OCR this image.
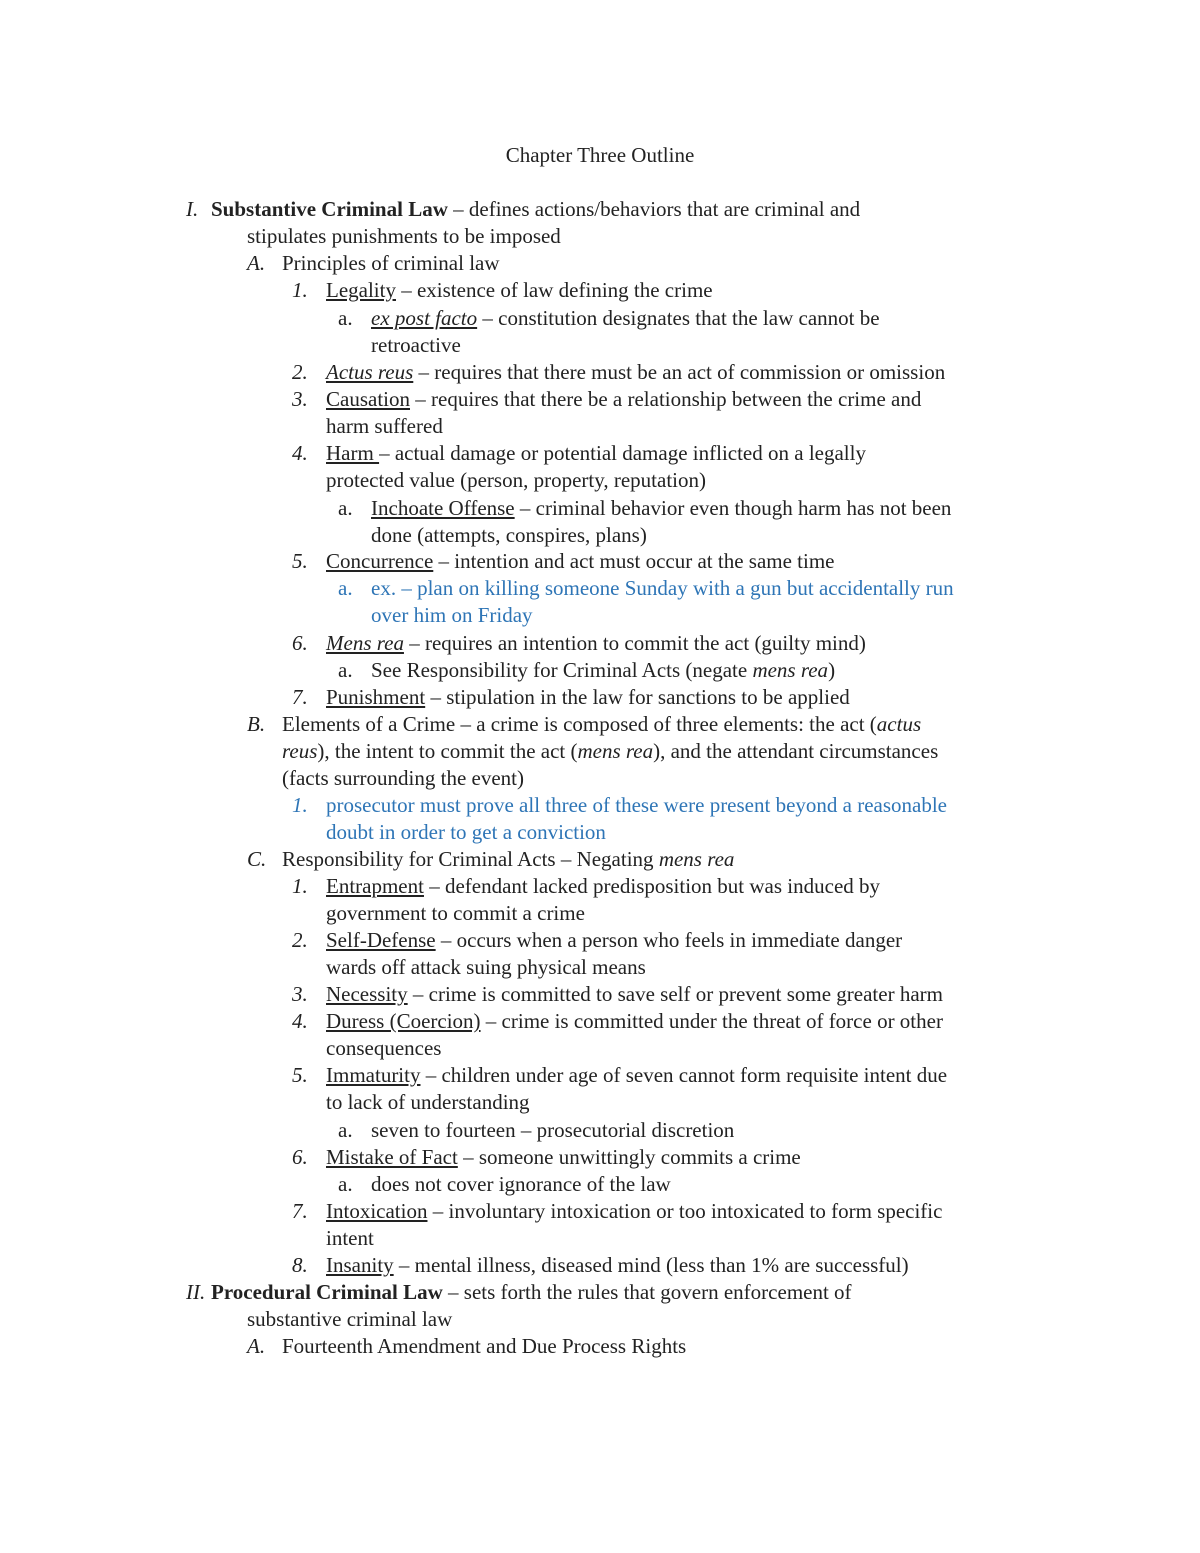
Chapter Three Outline
I. Substantive Criminal Law – defines actions/behaviors that are criminal and
stipulates punishments to be imposed
A. Principles of criminal law
1. Legality – existence of law defining the crime
a. ex post facto – constitution designates that the law cannot be
retroactive
2. Actus reus – requires that there must be an act of commission or omission
3. Causation – requires that there be a relationship between the crime and
harm suffered
4. Harm – actual damage or potential damage inflicted on a legally
protected value (person, property, reputation)
a. Inchoate Offense – criminal behavior even though harm has not been
done (attempts, conspires, plans)
5. Concurrence – intention and act must occur at the same time
a. ex. – plan on killing someone Sunday with a gun but accidentally run
over him on Friday
6. Mens rea – requires an intention to commit the act (guilty mind)
a. See Responsibility for Criminal Acts (negate mens rea)
7. Punishment – stipulation in the law for sanctions to be applied
B. Elements of a Crime – a crime is composed of three elements: the act (actus
reus), the intent to commit the act (mens rea), and the attendant circumstances
(facts surrounding the event)
1. prosecutor must prove all three of these were present beyond a reasonable
doubt in order to get a conviction
C. Responsibility for Criminal Acts – Negating mens rea
1. Entrapment – defendant lacked predisposition but was induced by
government to commit a crime
2. Self-Defense – occurs when a person who feels in immediate danger
wards off attack suing physical means
3. Necessity – crime is committed to save self or prevent some greater harm
4. Duress (Coercion) – crime is committed under the threat of force or other
consequences
5. Immaturity – children under age of seven cannot form requisite intent due
to lack of understanding
a. seven to fourteen – prosecutorial discretion
6. Mistake of Fact – someone unwittingly commits a crime
a. does not cover ignorance of the law
7. Intoxication – involuntary intoxication or too intoxicated to form specific
intent
8. Insanity – mental illness, diseased mind (less than 1% are successful)
II. Procedural Criminal Law – sets forth the rules that govern enforcement of
substantive criminal law
A. Fourteenth Amendment and Due Process Rights
